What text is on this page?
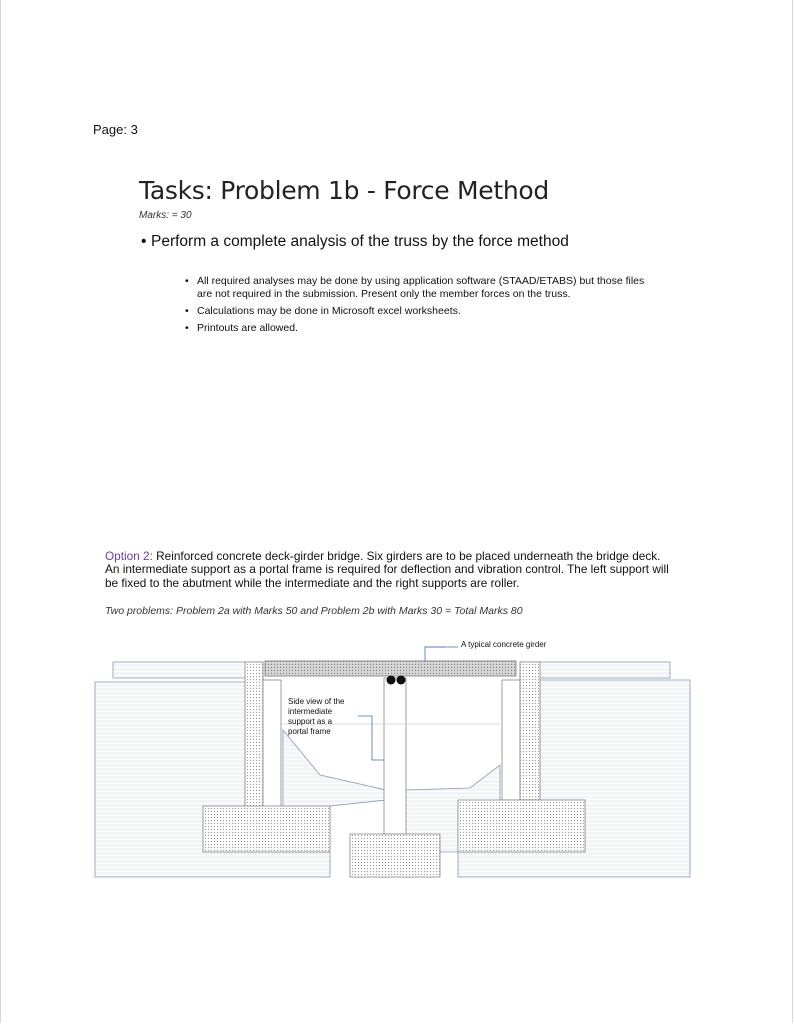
Page: 3
Tasks: Problem 1b - Force Method
Marks: = 30
• Perform a complete analysis of the truss by the force method
• All required analyses may be done by using application software (STAAD/ETABS) but those files are not required in the submission. Present only the member forces on the truss.
• Calculations may be done in Microsoft excel worksheets.
• Printouts are allowed.
Option 2: Reinforced concrete deck-girder bridge. Six girders are to be placed underneath the bridge deck. An intermediate support as a portal frame is required for deflection and vibration control. The left support will be fixed to the abutment while the intermediate and the right supports are roller.
Two problems: Problem 2a with Marks 50 and Problem 2b with Marks 30 = Total Marks 80
A typical concrete girder
Side view of the
intermediate
support as a
portal frame
